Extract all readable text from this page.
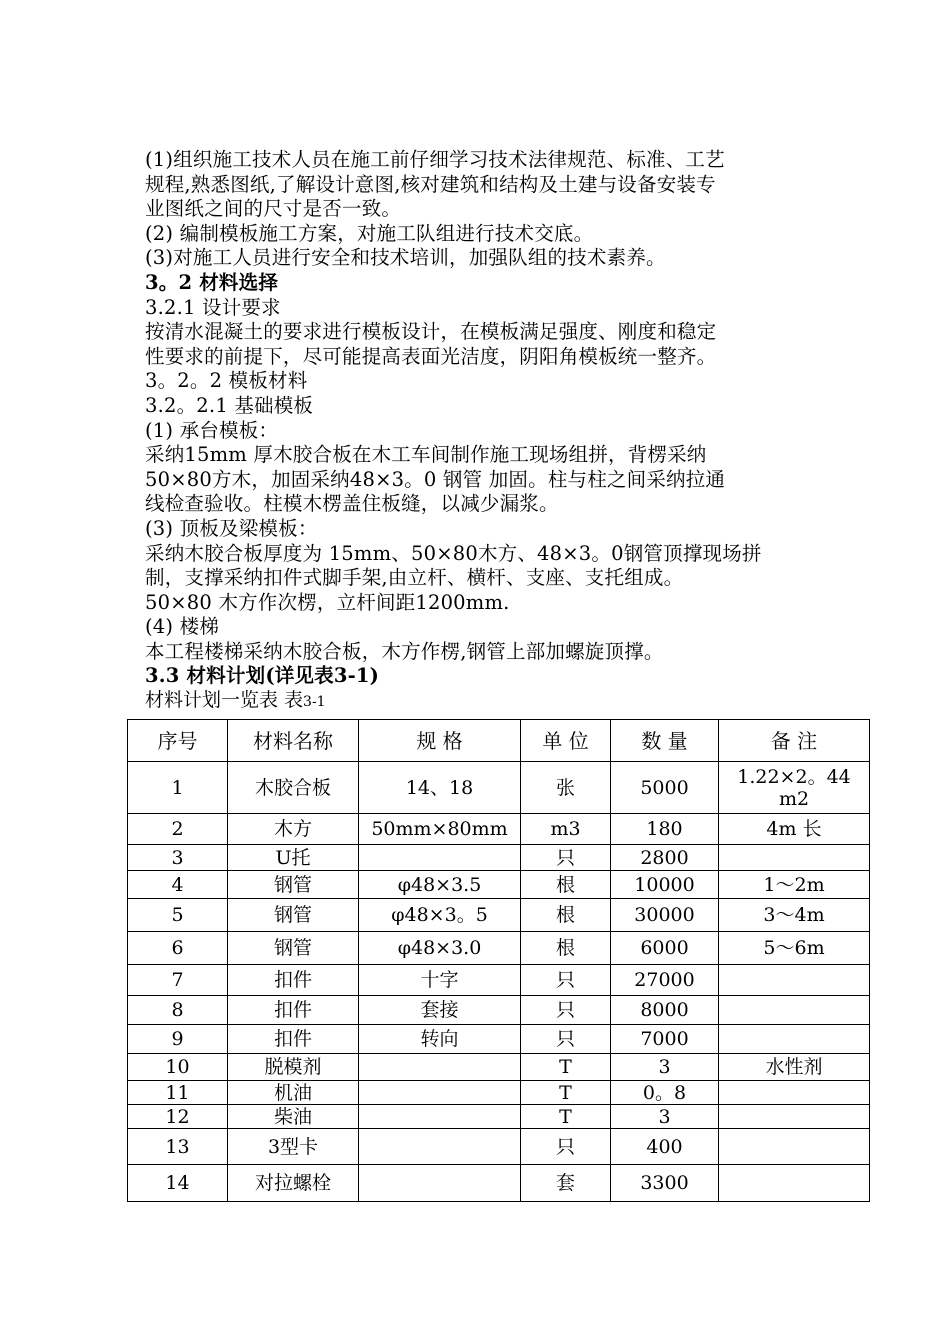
(1)组织施工技术人员在施工前仔细学习技术法律规范、标准、工艺
规程,熟悉图纸,了解设计意图,核对建筑和结构及土建与设备安装专
业图纸之间的尺寸是否一致。
(2) 编制模板施工方案，对施工队组进行技术交底。
(3)对施工人员进行安全和技术培训，加强队组的技术素养。
3。2 材料选择
3.2.1 设计要求
按清水混凝土的要求进行模板设计，在模板满足强度、刚度和稳定
性要求的前提下，尽可能提高表面光洁度，阴阳角模板统一整齐。
3。2。2 模板材料
3.2。2.1 基础模板
(1) 承台模板：
采纳15mm 厚木胶合板在木工车间制作施工现场组拼，背楞采纳
50×80方木，加固采纳48×3。0 钢管 加固。柱与柱之间采纳拉通
线检查验收。柱模木楞盖住板缝，以减少漏浆。
(3) 顶板及梁模板：
采纳木胶合板厚度为 15mm、50×80木方、48×3。0钢管顶撑现场拼
制，支撑采纳扣件式脚手架,由立杆、横杆、支座、支托组成。
50×80 木方作次楞，立杆间距1200mm.
(4) 楼梯
本工程楼梯采纳木胶合板，木方作楞,钢管上部加螺旋顶撑。
3.3 材料计划(详见表3-1)
材料计划一览表 表3-1
序号	材料名称	规 格	单 位	数 量	备 注
1	木胶合板	14、18	张	5000	1.22×2。44 m2
2	木方	50mm×80mm	m3	180	4m 长
3	U托		只	2800	
4	钢管	φ48×3.5	根	10000	1～2m
5	钢管	φ48×3。5	根	30000	3～4m
6	钢管	φ48×3.0	根	6000	5～6m
7	扣件	十字	只	27000	
8	扣件	套接	只	8000	
9	扣件	转向	只	7000	
10	脱模剂		T	3	水性剂
11	机油		T	0。8	
12	柴油		T	3	
13	3型卡		只	400	
14	对拉螺栓		套	3300	
